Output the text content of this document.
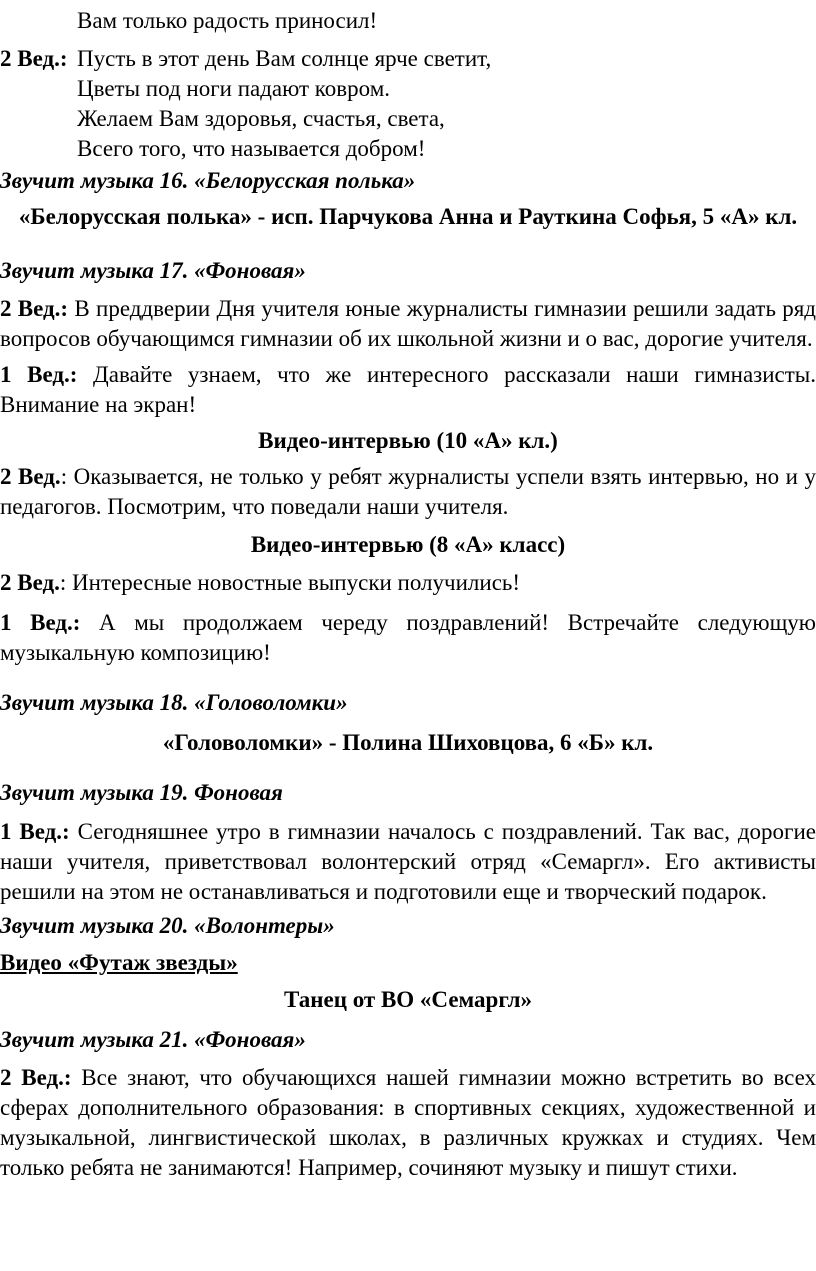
Вам только радость приносил!

2 Вед.: Пусть в этот день Вам солнце ярче светит,
Цветы под ноги падают ковром.
Желаем Вам здоровья, счастья, света,
Всего того, что называется добром!

Звучит музыка 16. «Белорусская полька»

«Белорусская полька» - исп. Парчукова Анна и Рауткина Софья, 5 «А» кл.

Звучит музыка 17. «Фоновая»

2 Вед.: В преддверии Дня учителя юные журналисты гимназии решили задать ряд вопросов обучающимся гимназии об их школьной жизни и о вас, дорогие учителя.

1 Вед.: Давайте узнаем, что же интересного рассказали наши гимназисты. Внимание на экран!

Видео-интервью (10 «А» кл.)

2 Вед.: Оказывается, не только у ребят журналисты успели взять интервью, но и у педагогов. Посмотрим, что поведали наши учителя.

Видео-интервью (8 «А» класс)

2 Вед.: Интересные новостные выпуски получились!

1 Вед.: А мы продолжаем череду поздравлений! Встречайте следующую музыкальную композицию!

Звучит музыка 18. «Головоломки»

«Головоломки» - Полина Шиховцова, 6 «Б» кл.

Звучит музыка 19. Фоновая

1 Вед.: Сегодняшнее утро в гимназии началось с поздравлений. Так вас, дорогие наши учителя, приветствовал волонтерский отряд «Семаргл». Его активисты решили на этом не останавливаться и подготовили еще и творческий подарок.

Звучит музыка 20. «Волонтеры»

Видео «Футаж звезды»

Танец от ВО «Семаргл»

Звучит музыка 21. «Фоновая»

2 Вед.: Все знают, что обучающихся нашей гимназии можно встретить во всех сферах дополнительного образования: в спортивных секциях, художественной и музыкальной, лингвистической школах, в различных кружках и студиях. Чем только ребята не занимаются! Например, сочиняют музыку и пишут стихи.
